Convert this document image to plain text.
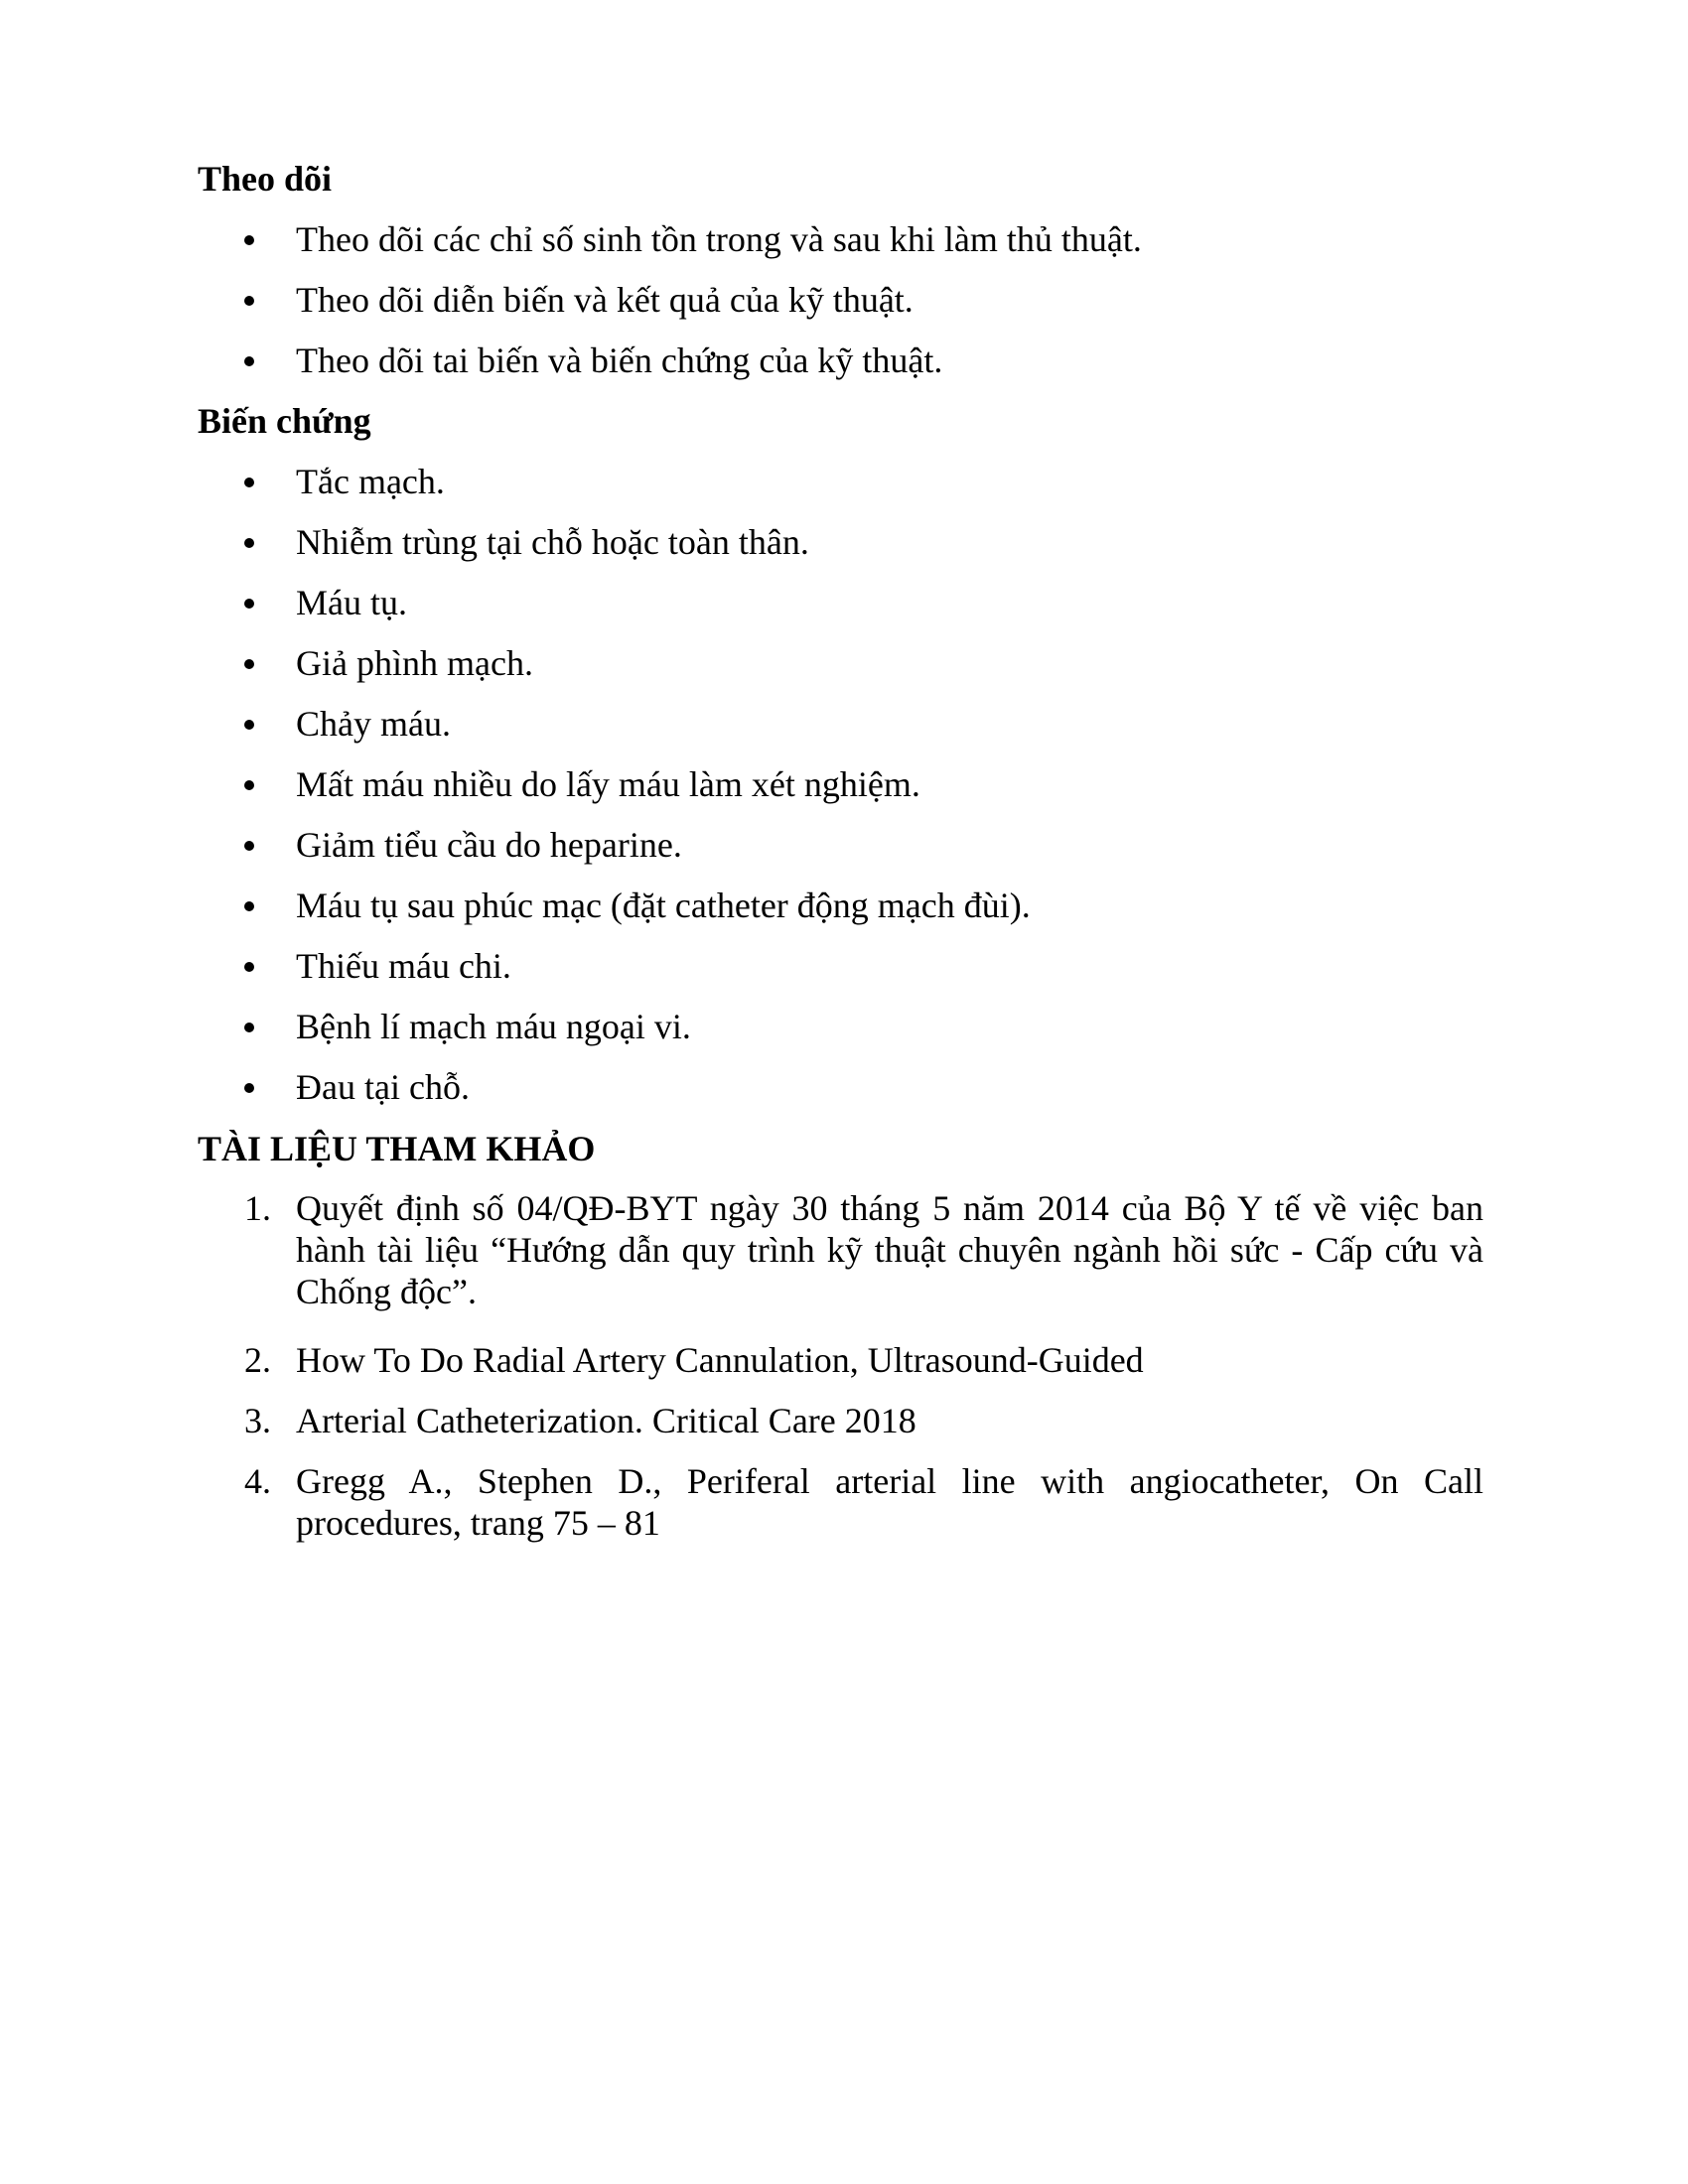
Theo dõi
Theo dõi các chỉ số sinh tồn trong và sau khi làm thủ thuật.
Theo dõi diễn biến và kết quả của kỹ thuật.
Theo dõi tai biến và biến chứng của kỹ thuật.
Biến chứng
Tắc mạch.
Nhiễm trùng tại chỗ hoặc toàn thân.
Máu tụ.
Giả phình mạch.
Chảy máu.
Mất máu nhiều do lấy máu làm xét nghiệm.
Giảm tiểu cầu do heparine.
Máu tụ sau phúc mạc (đặt catheter động mạch đùi).
Thiếu máu chi.
Bệnh lí mạch máu ngoại vi.
Đau tại chỗ.
TÀI LIỆU THAM KHẢO
1. Quyết định số 04/QĐ-BYT ngày 30 tháng 5 năm 2014 của Bộ Y tế về việc ban hành tài liệu “Hướng dẫn quy trình kỹ thuật chuyên ngành hồi sức - Cấp cứu và Chống độc”.
2. How To Do Radial Artery Cannulation, Ultrasound-Guided
3. Arterial Catheterization. Critical Care 2018
4. Gregg A., Stephen D., Periferal arterial line with angiocatheter, On Call procedures, trang 75 – 81
